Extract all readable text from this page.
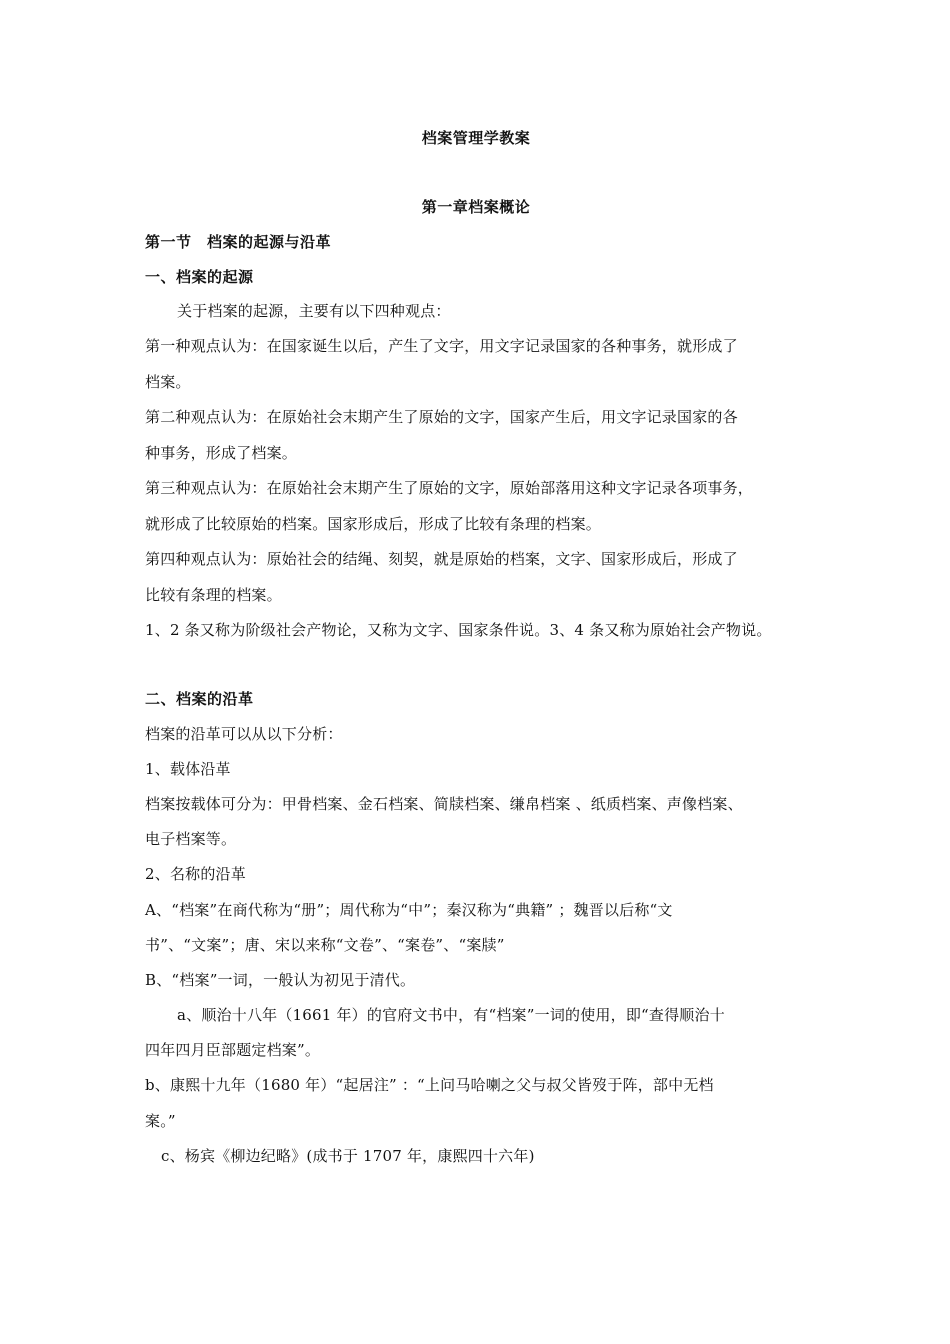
档案管理学教案
第一章档案概论
第一节　档案的起源与沿革
一、档案的起源
关于档案的起源，主要有以下四种观点：
第一种观点认为：在国家诞生以后，产生了文字，用文字记录国家的各种事务，就形成了
档案。
第二种观点认为：在原始社会末期产生了原始的文字，国家产生后，用文字记录国家的各
种事务，形成了档案。
第三种观点认为：在原始社会末期产生了原始的文字，原始部落用这种文字记录各项事务，
就形成了比较原始的档案。国家形成后，形成了比较有条理的档案。
第四种观点认为：原始社会的结绳、刻契，就是原始的档案，文字、国家形成后，形成了
比较有条理的档案。
1、2 条又称为阶级社会产物论，又称为文字、国家条件说。3、4 条又称为原始社会产物说。
二、档案的沿革
档案的沿革可以从以下分析：
1、载体沿革
档案按载体可分为：甲骨档案、金石档案、简牍档案、缣帛档案 、纸质档案、声像档案、
电子档案等。
2、名称的沿革
A、“档案”在商代称为“册”；周代称为“中”；秦汉称为“典籍” ；魏晋以后称“文
书”、“文案”；唐、宋以来称“文卷”、“案卷”、“案牍”
B、“档案”一词，一般认为初见于清代。
a、顺治十八年（1661 年）的官府文书中，有“档案”一词的使用，即“查得顺治十
四年四月臣部题定档案”。
b、康熙十九年（1680 年）“起居注” ：“上问马哈喇之父与叔父皆歿于阵，部中无档
案。”
c、杨宾《柳边纪略》(成书于 1707 年，康熙四十六年)
